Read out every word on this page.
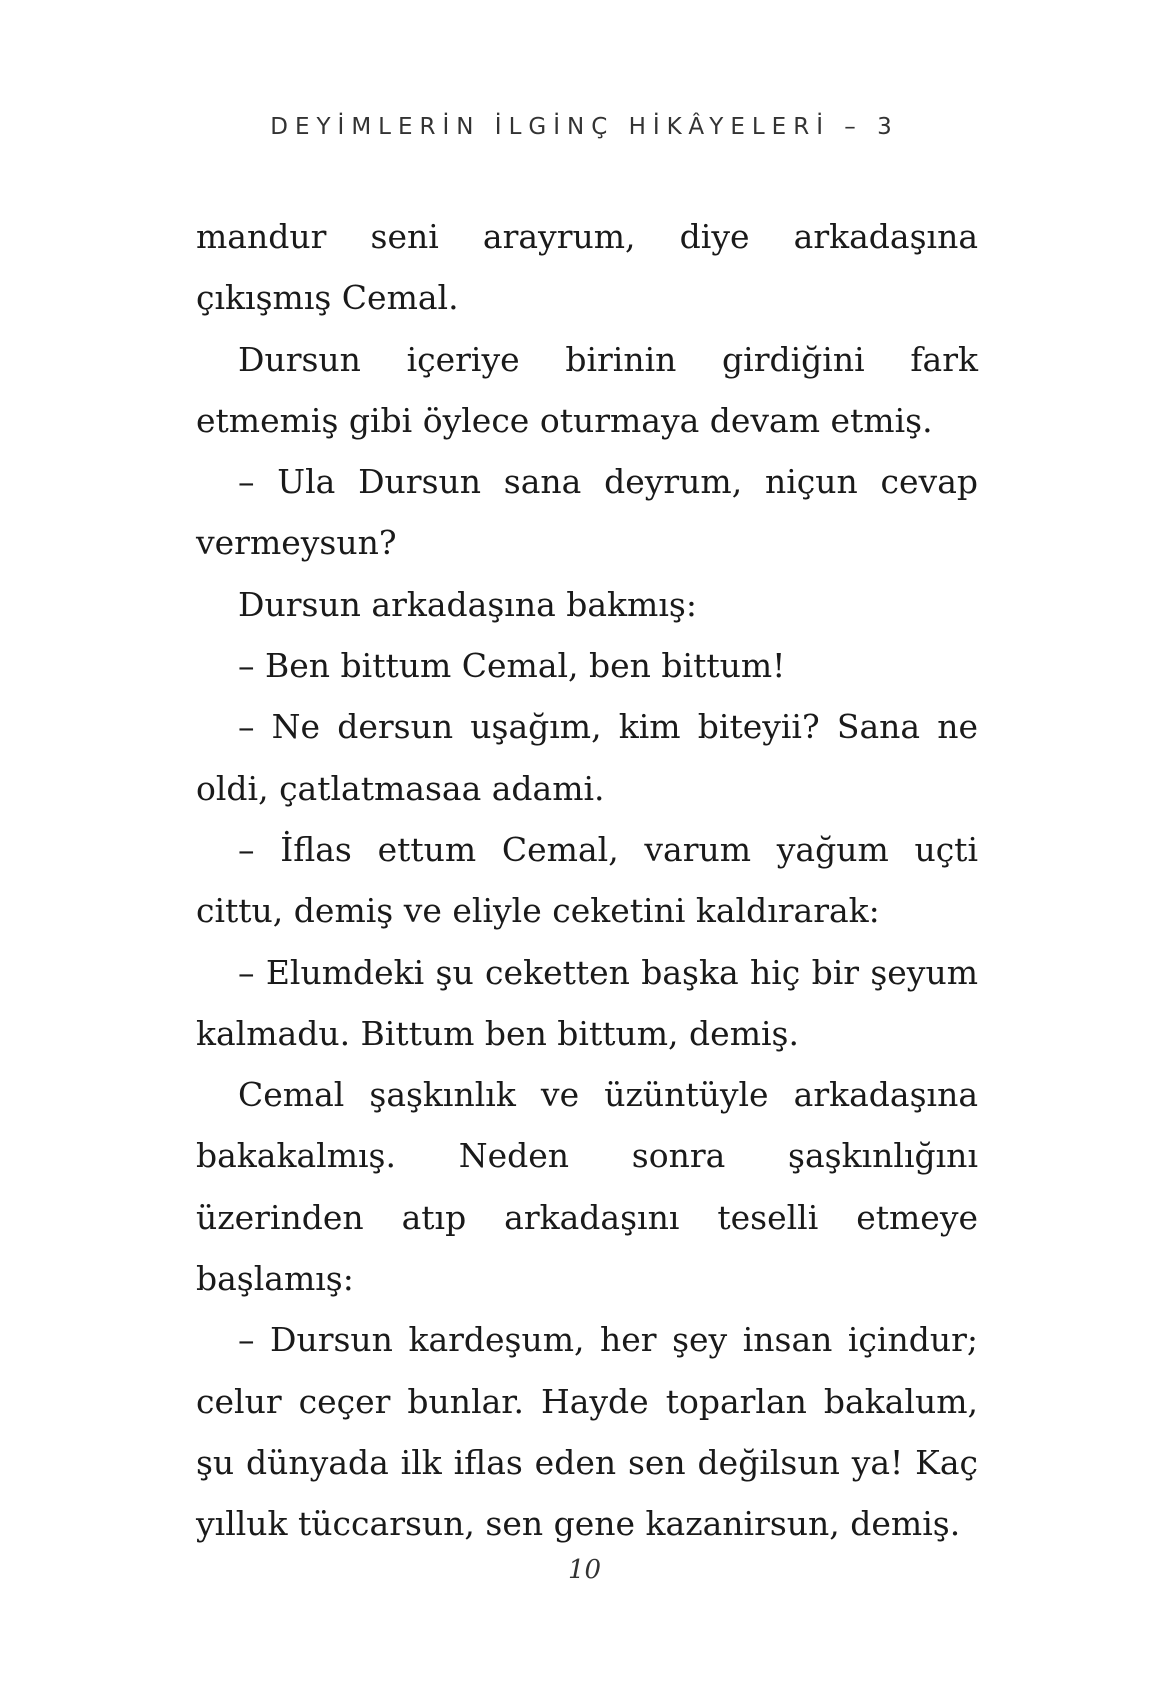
DEYİMLERİN İLGİNÇ HİKÂYELERİ – 3

mandur seni arayrum, diye arkadaşına çıkışmış Cemal.

Dursun içeriye birinin girdiğini fark etmemiş gibi öylece oturmaya devam etmiş.

– Ula Dursun sana deyrum, niçun cevap vermeysun?

Dursun arkadaşına bakmış:

– Ben bittum Cemal, ben bittum!

– Ne dersun uşağım, kim biteyii? Sana ne oldi, çatlatmasaa adami.

– İflas ettum Cemal, varum yağum uçti cittu, demiş ve eliyle ceketini kaldırarak:

– Elumdeki şu ceketten başka hiç bir şeyum kalmadu. Bittum ben bittum, demiş.

Cemal şaşkınlık ve üzüntüyle arkadaşına bakakalmış. Neden sonra şaşkınlığını üzerinden atıp arkadaşını teselli etmeye başlamış:

– Dursun kardeşum, her şey insan içindur; celur ceçer bunlar. Hayde toparlan bakalum, şu dünyada ilk iflas eden sen değilsun ya! Kaç yılluk tüccarsun, sen gene kazanirsun, demiş.

10
